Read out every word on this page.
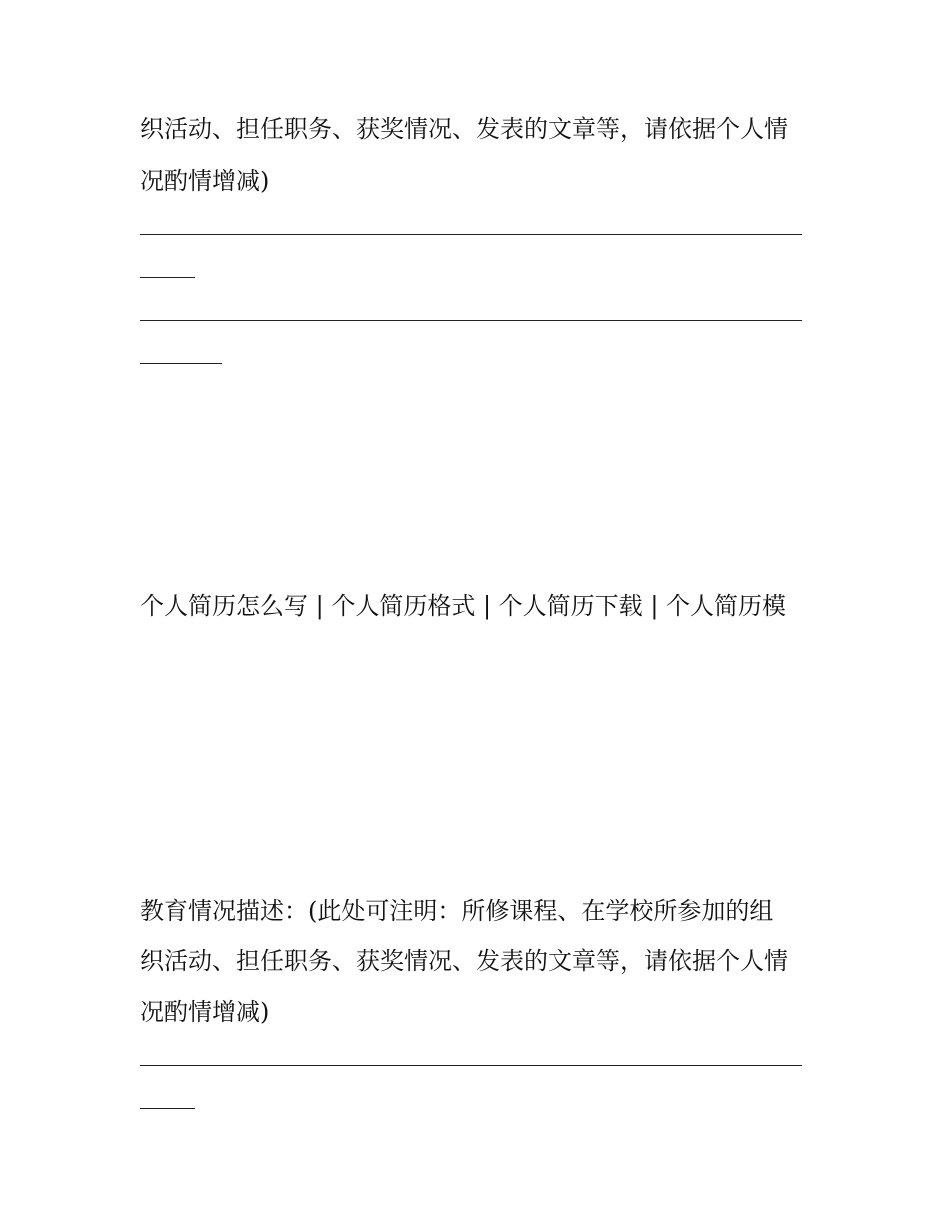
织活动、担任职务、获奖情况、发表的文章等，请依据个人情
况酌情增减)

个人简历怎么写 | 个人简历格式 | 个人简历下载 | 个人简历模

教育情况描述：(此处可注明：所修课程、在学校所参加的组
织活动、担任职务、获奖情况、发表的文章等，请依据个人情
况酌情增减)
